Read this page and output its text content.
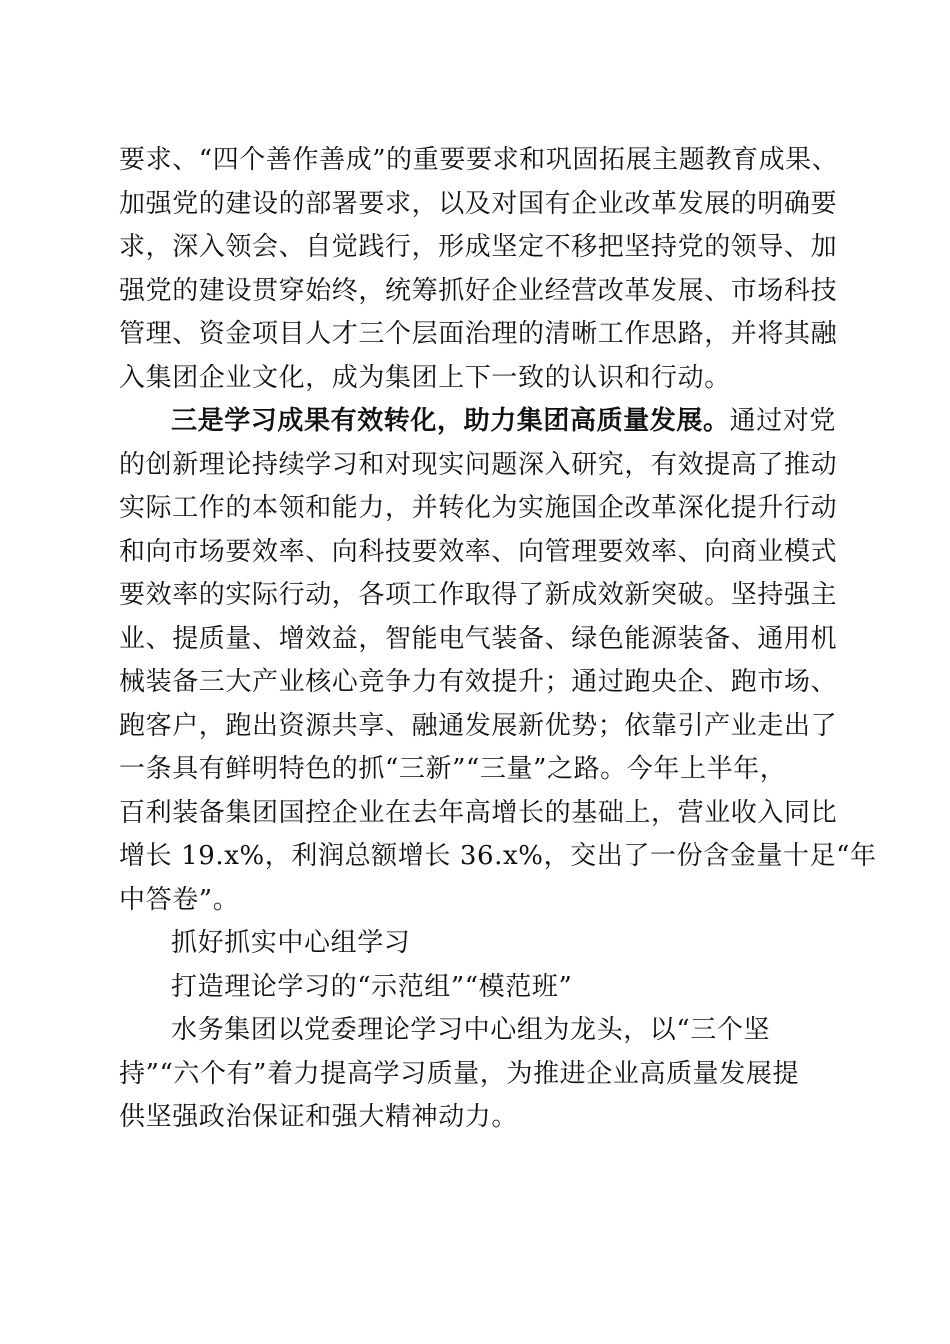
要求、“四个善作善成”的重要要求和巩固拓展主题教育成果、
加强党的建设的部署要求，以及对国有企业改革发展的明确要
求，深入领会、自觉践行，形成坚定不移把坚持党的领导、加
强党的建设贯穿始终，统筹抓好企业经营改革发展、市场科技
管理、资金项目人才三个层面治理的清晰工作思路，并将其融
入集团企业文化，成为集团上下一致的认识和行动。
三是学习成果有效转化，助力集团高质量发展。通过对党
的创新理论持续学习和对现实问题深入研究，有效提高了推动
实际工作的本领和能力，并转化为实施国企改革深化提升行动
和向市场要效率、向科技要效率、向管理要效率、向商业模式
要效率的实际行动，各项工作取得了新成效新突破。坚持强主
业、提质量、增效益，智能电气装备、绿色能源装备、通用机
械装备三大产业核心竞争力有效提升；通过跑央企、跑市场、
跑客户，跑出资源共享、融通发展新优势；依靠引产业走出了
一条具有鲜明特色的抓“三新”“三量”之路。今年上半年，
百利装备集团国控企业在去年高增长的基础上，营业收入同比
增长 19.x%，利润总额增长 36.x%，交出了一份含金量十足“年
中答卷”。
抓好抓实中心组学习
打造理论学习的“示范组”“模范班”
水务集团以党委理论学习中心组为龙头，以“三个坚
持”“六个有”着力提高学习质量，为推进企业高质量发展提
供坚强政治保证和强大精神动力。
